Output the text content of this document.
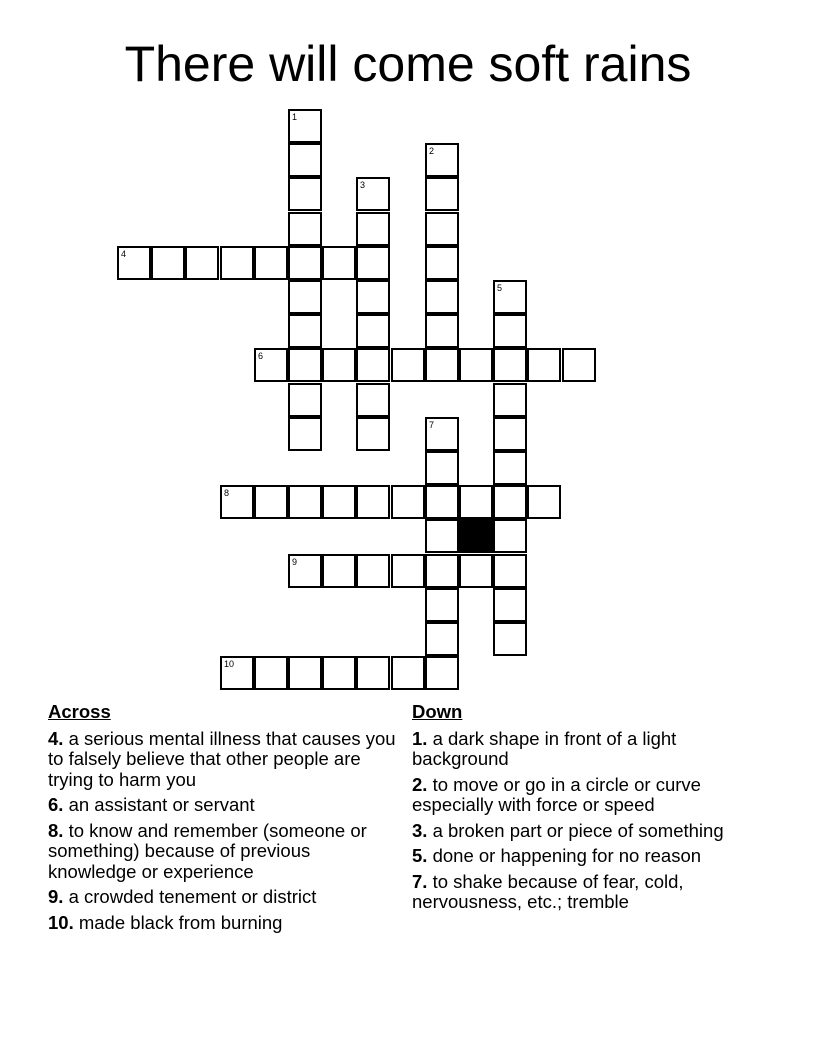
There will come soft rains
1
2
3
4
5
6
7
8
9
10
Across
4. a serious mental illness that causes you to falsely believe that other people are trying to harm you
6. an assistant or servant
8. to know and remember (someone or something) because of previous knowledge or experience
9. a crowded tenement or district
10. made black from burning
Down
1. a dark shape in front of a light background
2. to move or go in a circle or curve especially with force or speed
3. a broken part or piece of something
5. done or happening for no reason
7. to shake because of fear, cold, nervousness, etc.; tremble
